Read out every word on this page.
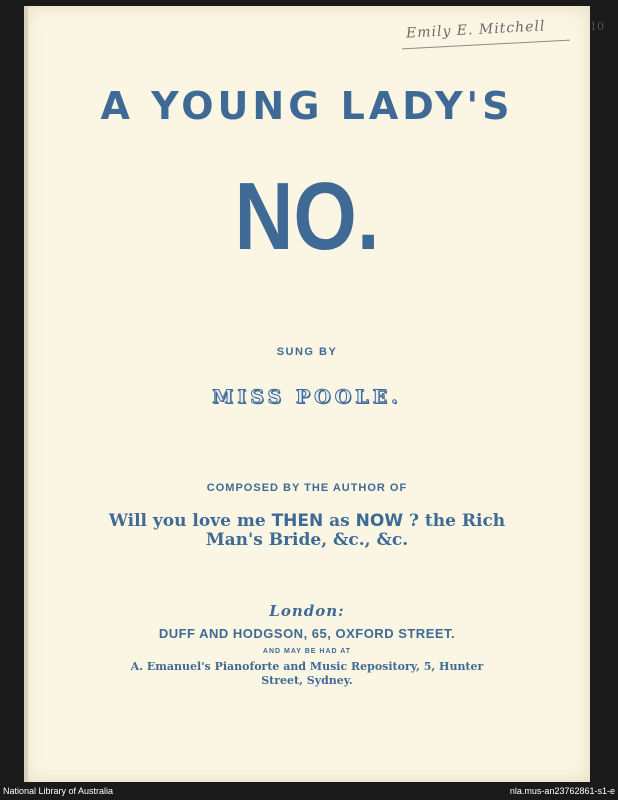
Emily E. Mitchell	10
A YOUNG LADY'S
NO.
SUNG BY
MISS POOLE.
COMPOSED BY THE AUTHOR OF
Will you love me THEN as NOW ? the Rich
Man's Bride, &c., &c.
London:
DUFF AND HODGSON, 65, OXFORD STREET.
AND MAY BE HAD AT
A. Emanuel's Pianoforte and Music Repository, 5, Hunter
Street, Sydney.
National Library of Australia	nla.mus-an23762861-s1-e
